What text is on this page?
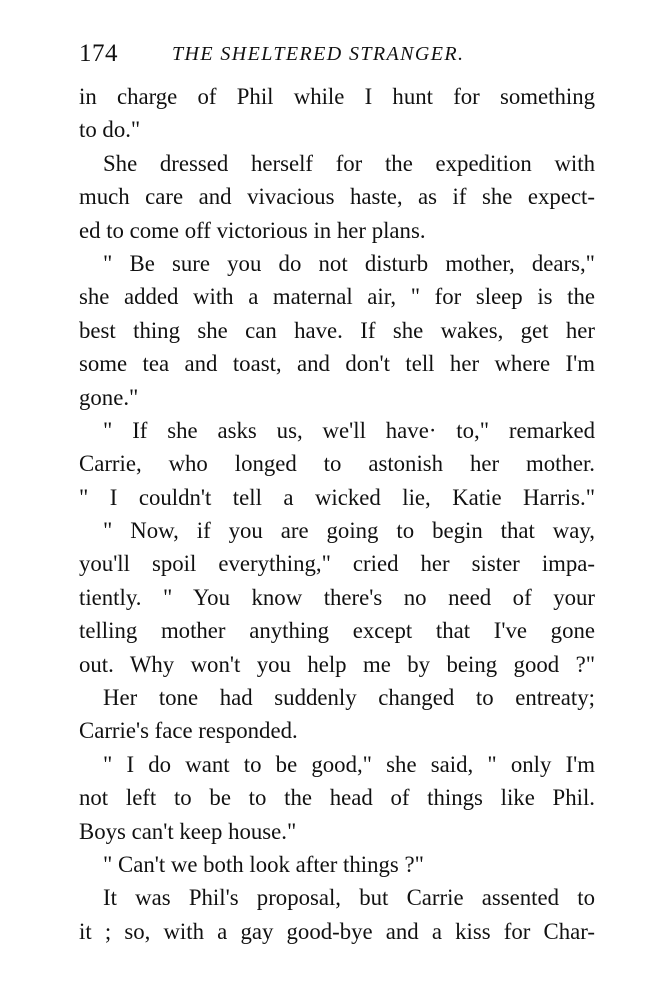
174	THE SHELTERED STRANGER.
in charge of Phil while I hunt for something
to do."
She dressed herself for the expedition with
much care and vivacious haste, as if she expect-
ed to come off victorious in her plans.
" Be sure you do not disturb mother, dears,"
she added with a maternal air, " for sleep is the
best thing she can have. If she wakes, get her
some tea and toast, and don't tell her where I'm
gone."
" If she asks us, we'll have· to," remarked
Carrie, who longed to astonish her mother.
" I couldn't tell a wicked lie, Katie Harris."
" Now, if you are going to begin that way,
you'll spoil everything," cried her sister impa-
tiently. " You know there's no need of your
telling mother anything except that I've gone
out. Why won't you help me by being good ?"
Her tone had suddenly changed to entreaty;
Carrie's face responded.
" I do want to be good," she said, " only I'm
not left to be to the head of things like Phil.
Boys can't keep house."
" Can't we both look after things ?"
It was Phil's proposal, but Carrie assented to
it ; so, with a gay good-bye and a kiss for Char-
